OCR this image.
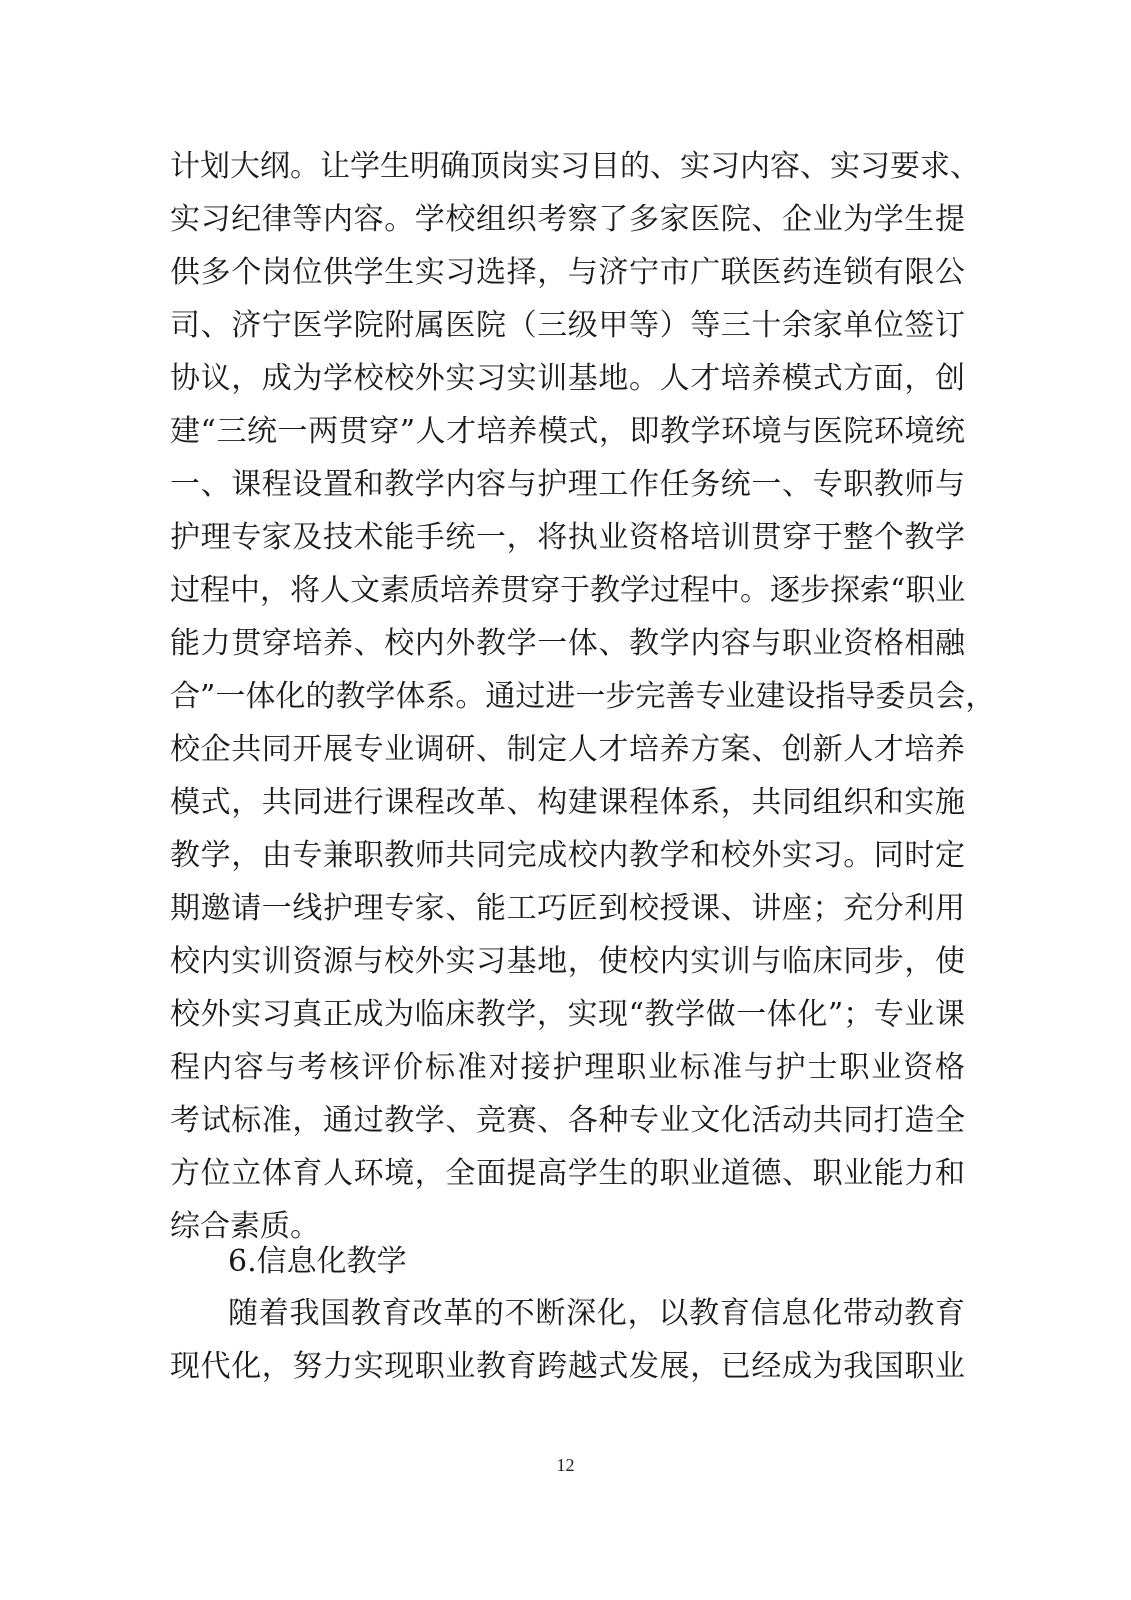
计划大纲。让学生明确顶岗实习目的、实习内容、实习要求、
实习纪律等内容。学校组织考察了多家医院、企业为学生提
供多个岗位供学生实习选择，与济宁市广联医药连锁有限公
司、济宁医学院附属医院（三级甲等）等三十余家单位签订
协议，成为学校校外实习实训基地。人才培养模式方面，创
建“三统一两贯穿”人才培养模式，即教学环境与医院环境统
一、课程设置和教学内容与护理工作任务统一、专职教师与
护理专家及技术能手统一，将执业资格培训贯穿于整个教学
过程中，将人文素质培养贯穿于教学过程中。逐步探索“职业
能力贯穿培养、校内外教学一体、教学内容与职业资格相融
合”一体化的教学体系。通过进一步完善专业建设指导委员会，
校企共同开展专业调研、制定人才培养方案、创新人才培养
模式，共同进行课程改革、构建课程体系，共同组织和实施
教学，由专兼职教师共同完成校内教学和校外实习。同时定
期邀请一线护理专家、能工巧匠到校授课、讲座；充分利用
校内实训资源与校外实习基地，使校内实训与临床同步，使
校外实习真正成为临床教学，实现“教学做一体化”；专业课
程内容与考核评价标准对接护理职业标准与护士职业资格
考试标准，通过教学、竞赛、各种专业文化活动共同打造全
方位立体育人环境，全面提高学生的职业道德、职业能力和
综合素质。
6.信息化教学
随着我国教育改革的不断深化，以教育信息化带动教育
现代化，努力实现职业教育跨越式发展，已经成为我国职业
12
